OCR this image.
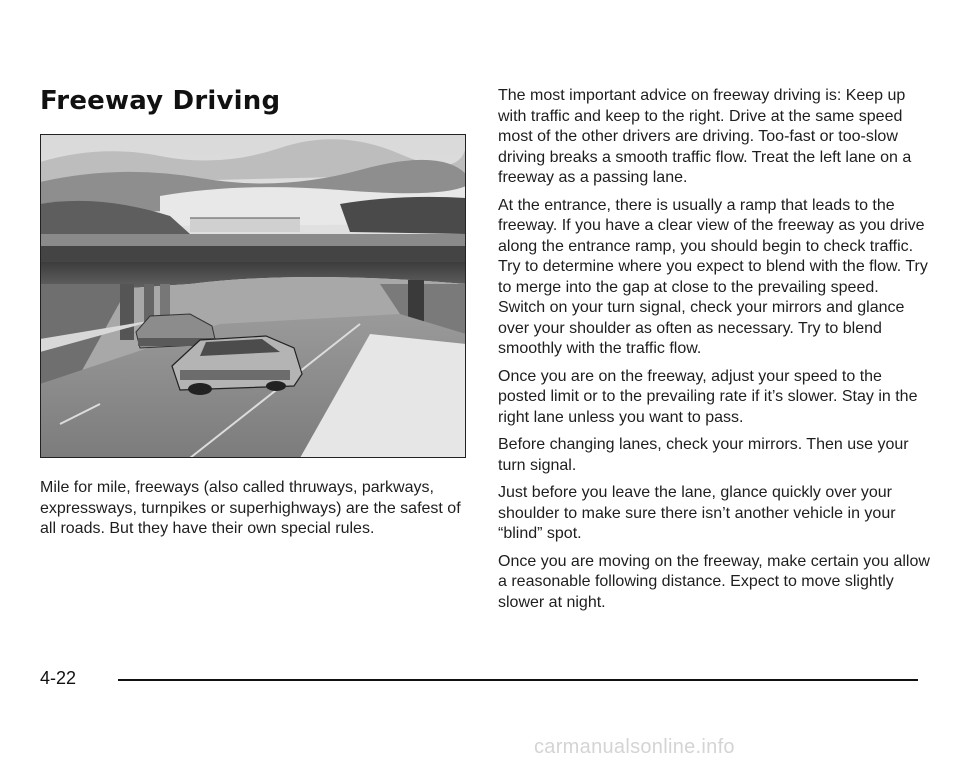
Freeway Driving

Mile for mile, freeways (also called thruways, parkways, expressways, turnpikes or superhighways) are the safest of all roads. But they have their own special rules.

The most important advice on freeway driving is: Keep up with traffic and keep to the right. Drive at the same speed most of the other drivers are driving. Too-fast or too-slow driving breaks a smooth traffic flow. Treat the left lane on a freeway as a passing lane.

At the entrance, there is usually a ramp that leads to the freeway. If you have a clear view of the freeway as you drive along the entrance ramp, you should begin to check traffic. Try to determine where you expect to blend with the flow. Try to merge into the gap at close to the prevailing speed. Switch on your turn signal, check your mirrors and glance over your shoulder as often as necessary. Try to blend smoothly with the traffic flow.

Once you are on the freeway, adjust your speed to the posted limit or to the prevailing rate if it’s slower. Stay in the right lane unless you want to pass.

Before changing lanes, check your mirrors. Then use your turn signal.

Just before you leave the lane, glance quickly over your shoulder to make sure there isn’t another vehicle in your “blind” spot.

Once you are moving on the freeway, make certain you allow a reasonable following distance. Expect to move slightly slower at night.

4-22
carmanualsonline.info
